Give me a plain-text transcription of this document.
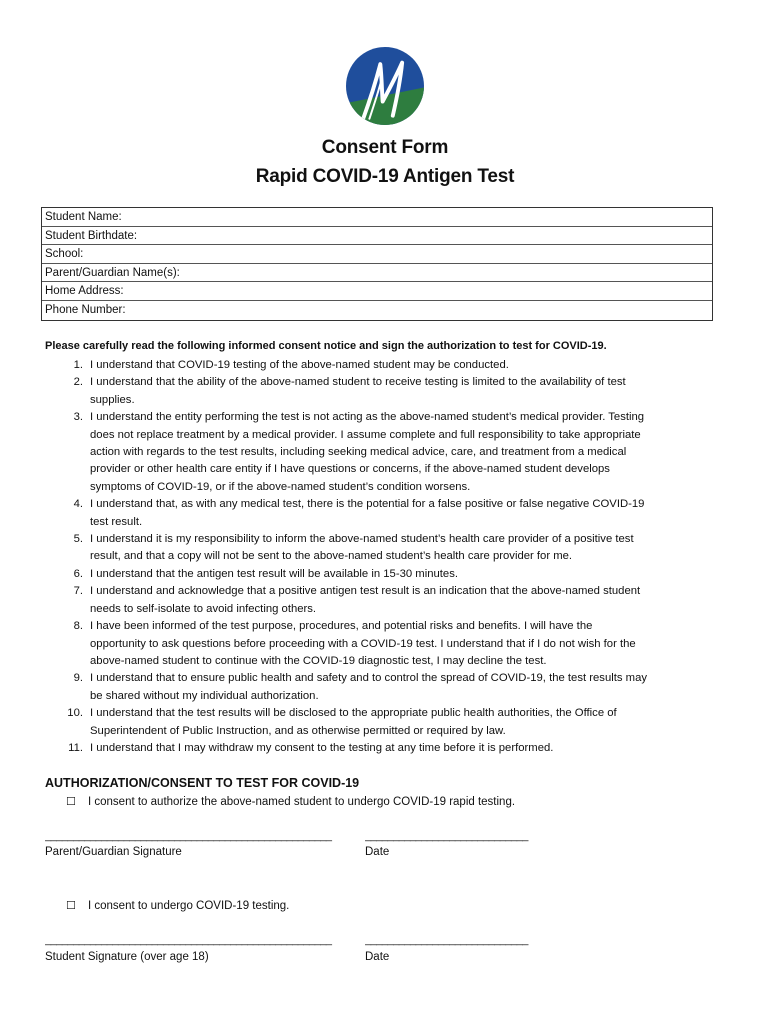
Consent Form
Rapid COVID-19 Antigen Test
Student Name:
Student Birthdate:
School:
Parent/Guardian Name(s):
Home Address:
Phone Number:
Please carefully read the following informed consent notice and sign the authorization to test for COVID-19.
1. I understand that COVID-19 testing of the above-named student may be conducted.
2. I understand that the ability of the above-named student to receive testing is limited to the availability of test
supplies.
3. I understand the entity performing the test is not acting as the above-named student’s medical provider. Testing
does not replace treatment by a medical provider. I assume complete and full responsibility to take appropriate
action with regards to the test results, including seeking medical advice, care, and treatment from a medical
provider or other health care entity if I have questions or concerns, if the above-named student develops
symptoms of COVID-19, or if the above-named student’s condition worsens.
4. I understand that, as with any medical test, there is the potential for a false positive or false negative COVID-19
test result.
5. I understand it is my responsibility to inform the above-named student’s health care provider of a positive test
result, and that a copy will not be sent to the above-named student’s health care provider for me.
6. I understand that the antigen test result will be available in 15-30 minutes.
7. I understand and acknowledge that a positive antigen test result is an indication that the above-named student
needs to self-isolate to avoid infecting others.
8. I have been informed of the test purpose, procedures, and potential risks and benefits. I will have the
opportunity to ask questions before proceeding with a COVID-19 test. I understand that if I do not wish for the
above-named student to continue with the COVID-19 diagnostic test, I may decline the test.
9. I understand that to ensure public health and safety and to control the spread of COVID-19, the test results may
be shared without my individual authorization.
10. I understand that the test results will be disclosed to the appropriate public health authorities, the Office of
Superintendent of Public Instruction, and as otherwise permitted or required by law.
11. I understand that I may withdraw my consent to the testing at any time before it is performed.
AUTHORIZATION/CONSENT TO TEST FOR COVID-19
☐ I consent to authorize the above-named student to undergo COVID-19 rapid testing.
___________________________________________________	_____________________________
Parent/Guardian Signature	Date
☐ I consent to undergo COVID-19 testing.
___________________________________________________	_____________________________
Student Signature (over age 18)	Date
